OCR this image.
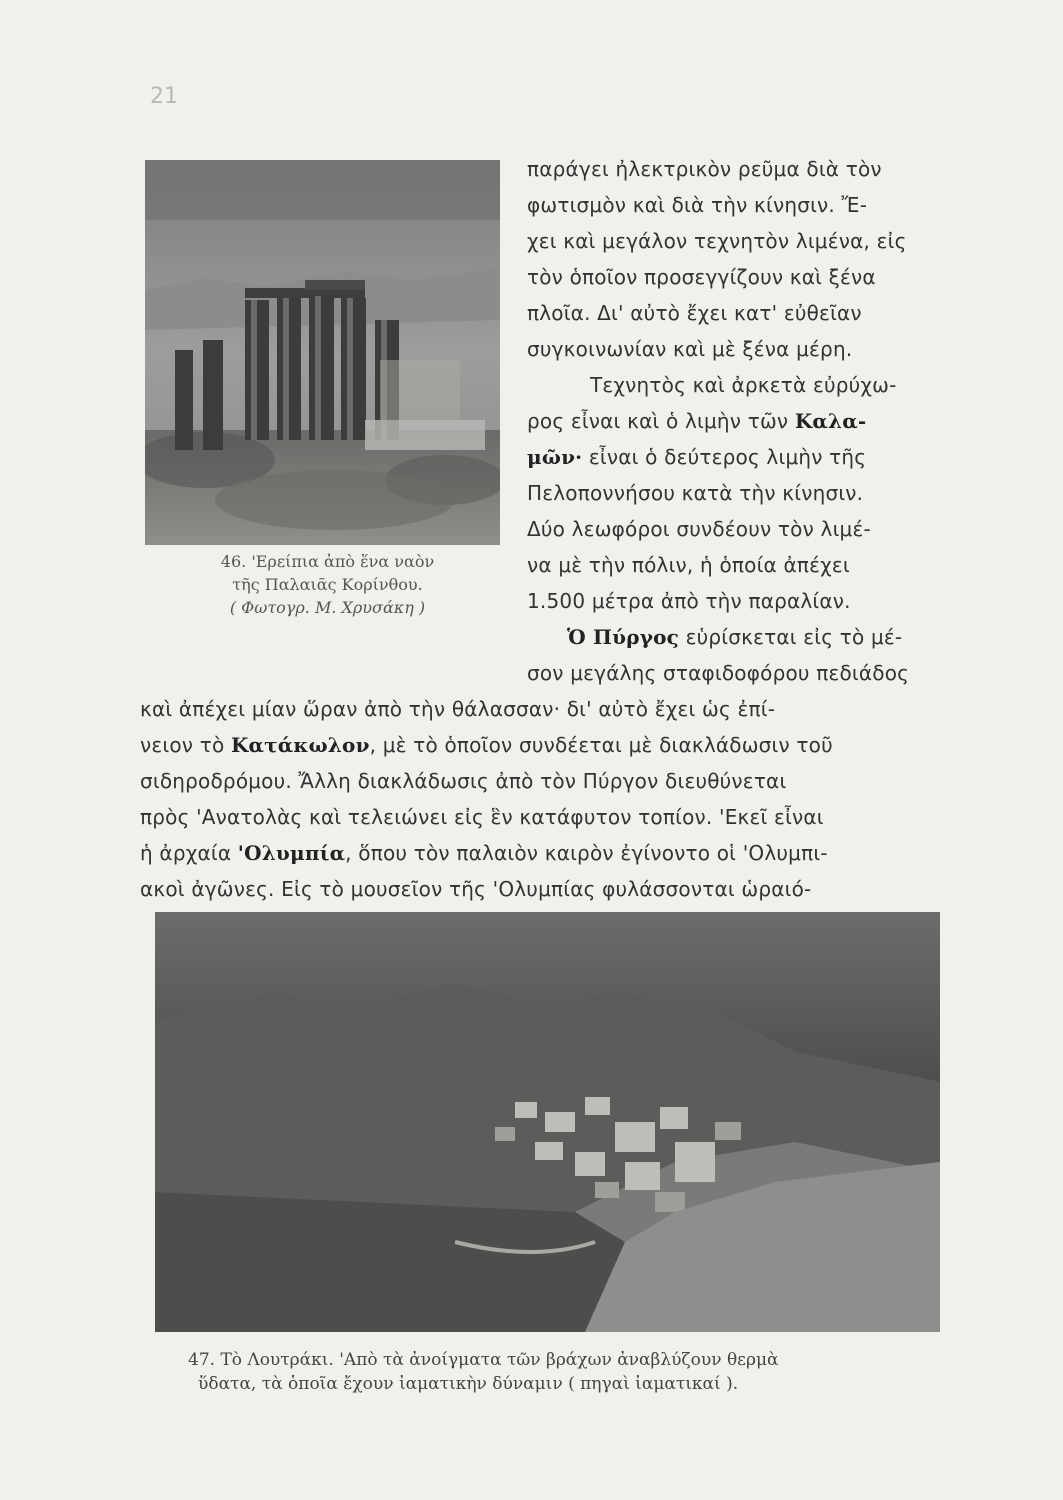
21
46. 'Ερείπια ἀπὸ ἕνα ναὸν
τῆς Παλαιᾶς Κορίνθου.
( Φωτογρ. Μ. Χρυσάκη )
παράγει ἠλεκτρικὸν ρεῦμα διὰ τὸν
φωτισμὸν καὶ διὰ τὴν κίνησιν. Ἔ-
χει καὶ μεγάλον τεχνητὸν λιμένα, εἰς
τὸν ὁποῖον προσεγγίζουν καὶ ξένα
πλοῖα. Δι' αὐτὸ ἔχει κατ' εὐθεῖαν
συγκοινωνίαν καὶ μὲ ξένα μέρη.
Τεχνητὸς καὶ ἀρκετὰ εὐρύχω-
ρος εἶναι καὶ ὁ λιμὴν τῶν Καλα-
μῶν· εἶναι ὁ δεύτερος λιμὴν τῆς
Πελοποννήσου κατὰ τὴν κίνησιν.
Δύο λεωφόροι συνδέουν τὸν λιμέ-
να μὲ τὴν πόλιν, ἡ ὁποία ἀπέχει
1.500 μέτρα ἀπὸ τὴν παραλίαν.
Ὁ Πύργος εὑρίσκεται εἰς τὸ μέ-
σον μεγάλης σταφιδοφόρου πεδιάδος
καὶ ἀπέχει μίαν ὥραν ἀπὸ τὴν θάλασσαν· δι' αὐτὸ ἔχει ὡς ἐπί-
νειον τὸ Κατάκωλον, μὲ τὸ ὁποῖον συνδέεται μὲ διακλάδωσιν τοῦ
σιδηροδρόμου. Ἄλλη διακλάδωσις ἀπὸ τὸν Πύργον διευθύνεται
πρὸς 'Ανατολὰς καὶ τελειώνει εἰς ἓν κατάφυτον τοπίον. 'Εκεῖ εἶναι
ἡ ἀρχαία 'Ολυμπία, ὅπου τὸν παλαιὸν καιρὸν ἐγίνοντο οἱ 'Ολυμπι-
ακοὶ ἀγῶνες. Εἰς τὸ μουσεῖον τῆς 'Ολυμπίας φυλάσσονται ὡραιό-
47. Τὸ Λουτράκι. 'Απὸ τὰ ἀνοίγματα τῶν βράχων ἀναβλύζουν θερμὰ
ὕδατα, τὰ ὁποῖα ἔχουν ἰαματικὴν δύναμιν ( πηγαὶ ἰαματικαί ).
